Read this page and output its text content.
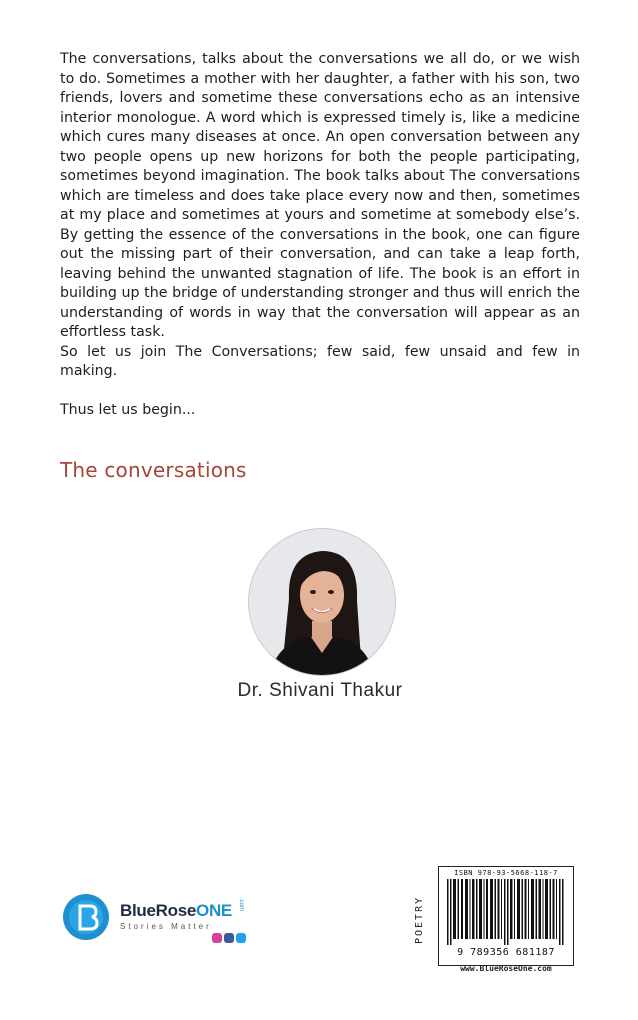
The conversations, talks about the conversations we all do, or we wish to do. Sometimes a mother with her daughter, a father with his son, two friends, lovers and sometime these conversations echo as an intensive interior monologue. A word which is expressed timely is, like a medicine which cures many diseases at once. An open conversation between any two people opens up new horizons for both the people participating, sometimes beyond imagination. The book talks about The conversations which are timeless and does take place every now and then, sometimes at my place and sometimes at yours and sometime at somebody else’s. By getting the essence of the conversations in the book, one can figure out the missing part of their conversation, and can take a leap forth, leaving behind the unwanted stagnation of life. The book is an effort in building up the bridge of understanding stronger and thus will enrich the understanding of words in way that the conversation will appear as an effortless task.

So let us join The Conversations; few said, few unsaid and few in making.

Thus let us begin...

The conversations
Dr. Shivani Thakur
BlueRoseONE .com
Stories Matter	POETRY
ISBN 978-93-5668-118-7
9 789356 681187
www.BlueRoseOne.com
